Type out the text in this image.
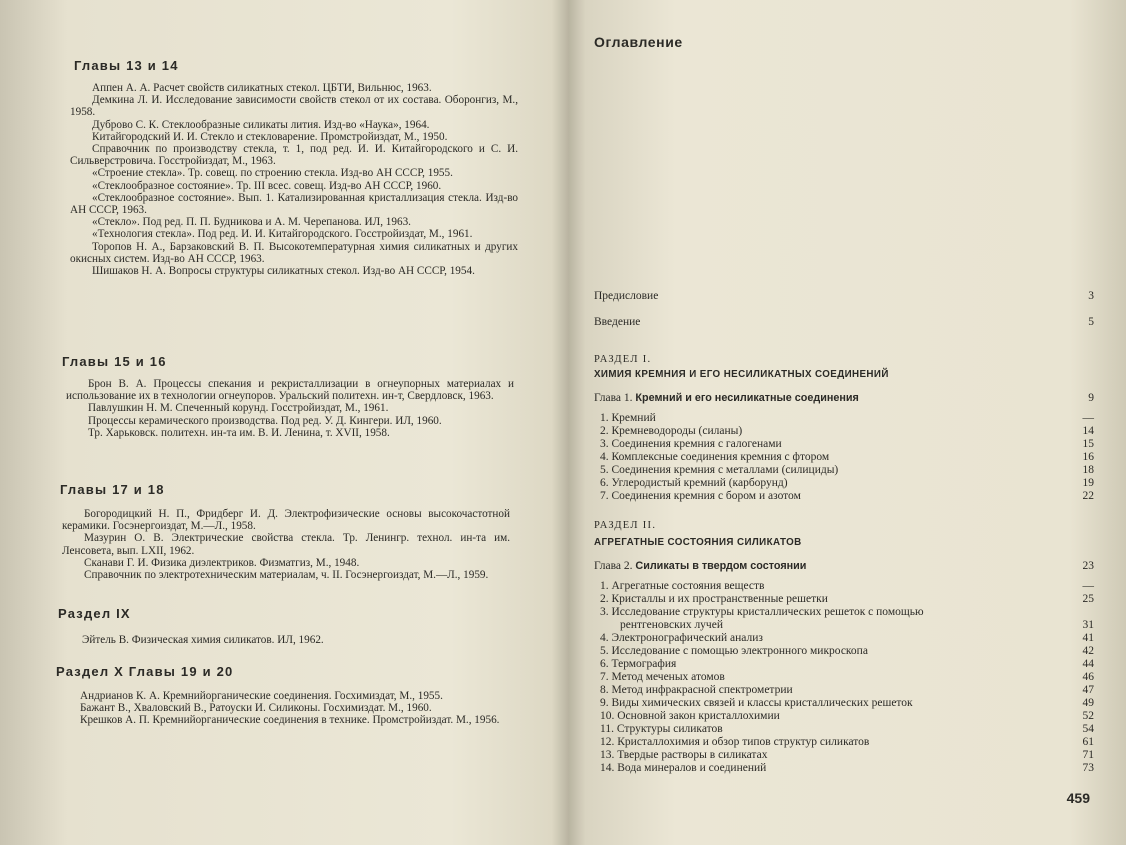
Главы 13 и 14
Аппен А. А. Расчет свойств силикатных стекол. ЦБТИ, Вильнюс, 1963.
Демкина Л. И. Исследование зависимости свойств стекол от их состава. Оборонгиз, М., 1958.
Дубровo С. К. Стеклообразные силикаты лития. Изд-во «Наука», 1964.
Китайгородский И. И. Стекло и стекловарение. Промстройиздат, М., 1950.
Справочник по производству стекла, т. 1, под ред. И. И. Китайгородского и С. И. Сильверстровича. Госстройиздат, М., 1963.
«Строение стекла». Тр. совещ. по строению стекла. Изд-во АН СССР, 1955.
«Стеклообразное состояние». Тр. III всес. совещ. Изд-во АН СССР, 1960.
«Стеклообразное состояние». Вып. 1. Катализированная кристаллизация стекла. Изд-во АН СССР, 1963.
«Стекло». Под ред. П. П. Будникова и А. М. Черепанова. ИЛ, 1963.
«Технология стекла». Под ред. И. И. Китайгородского. Госстройиздат, М., 1961.
Торопов Н. А., Барзаковский В. П. Высокотемпературная химия силикатных и других окисных систем. Изд-во АН СССР, 1963.
Шишаков Н. А. Вопросы структуры силикатных стекол. Изд-во АН СССР, 1954.
Главы 15 и 16
Брон В. А. Процессы спекания и рекристаллизации в огнеупорных материалах и использование их в технологии огнеупоров. Уральский политехн. ин-т, Свердловск, 1963.
Павлушкин Н. М. Спеченный корунд. Госстройиздат, М., 1961.
Процессы керамического производства. Под ред. У. Д. Кингери. ИЛ, 1960.
Тр. Харьковск. политехн. ин-та им. В. И. Ленина, т. XVII, 1958.
Главы 17 и 18
Богородицкий Н. П., Фридберг И. Д. Электрофизические основы высокочастотной керамики. Госэнергоиздат, М.—Л., 1958.
Мазурин О. В. Электрические свойства стекла. Тр. Ленингр. технол. ин-та им. Ленсовета, вып. LXII, 1962.
Сканави Г. И. Физика диэлектриков. Физматгиз, М., 1948.
Справочник по электротехническим материалам, ч. II. Госэнергоиздат, М.—Л., 1959.
Раздел IX
Эйтель В. Физическая химия силикатов. ИЛ, 1962.
Раздел X Главы 19 и 20
Андрианов К. А. Кремнийорганические соединения. Госхимиздат, М., 1955.
Бажант В., Хваловский В., Ратоуски И. Силиконы. Госхимиздат. М., 1960.
Крешков А. П. Кремнийорганические соединения в технике. Промстройиздат. М., 1956.
Оглавление
Предисловие	3
Введение	5
РАЗДЕЛ I.
ХИМИЯ КРЕМНИЯ И ЕГО НЕСИЛИКАТНЫХ СОЕДИНЕНИЙ
Глава 1. Кремний и его несиликатные соединения	9
1. Кремний	—
2. Кремневодороды (силаны)	14
3. Соединения кремния с галогенами	15
4. Комплексные соединения кремния с фтором	16
5. Соединения кремния с металлами (силициды)	18
6. Углеродистый кремний (карборунд)	19
7. Соединения кремния с бором и азотом	22
РАЗДЕЛ II.
АГРЕГАТНЫЕ СОСТОЯНИЯ СИЛИКАТОВ
Глава 2. Силикаты в твердом состоянии	23
1. Агрегатные состояния веществ	—
2. Кристаллы и их пространственные решетки	25
3. Исследование структуры кристаллических решеток с помощью
рентгеновских лучей	31
4. Электронографический анализ	41
5. Исследование с помощью электронного микроскопа	42
6. Термография	44
7. Метод меченых атомов	46
8. Метод инфракрасной спектрометрии	47
9. Виды химических связей и классы кристаллических решеток	49
10. Основной закон кристаллохимии	52
11. Структуры силикатов	54
12. Кристаллохимия и обзор типов структур силикатов	61
13. Твердые растворы в силикатах	71
14. Вода минералов и соединений	73
459
